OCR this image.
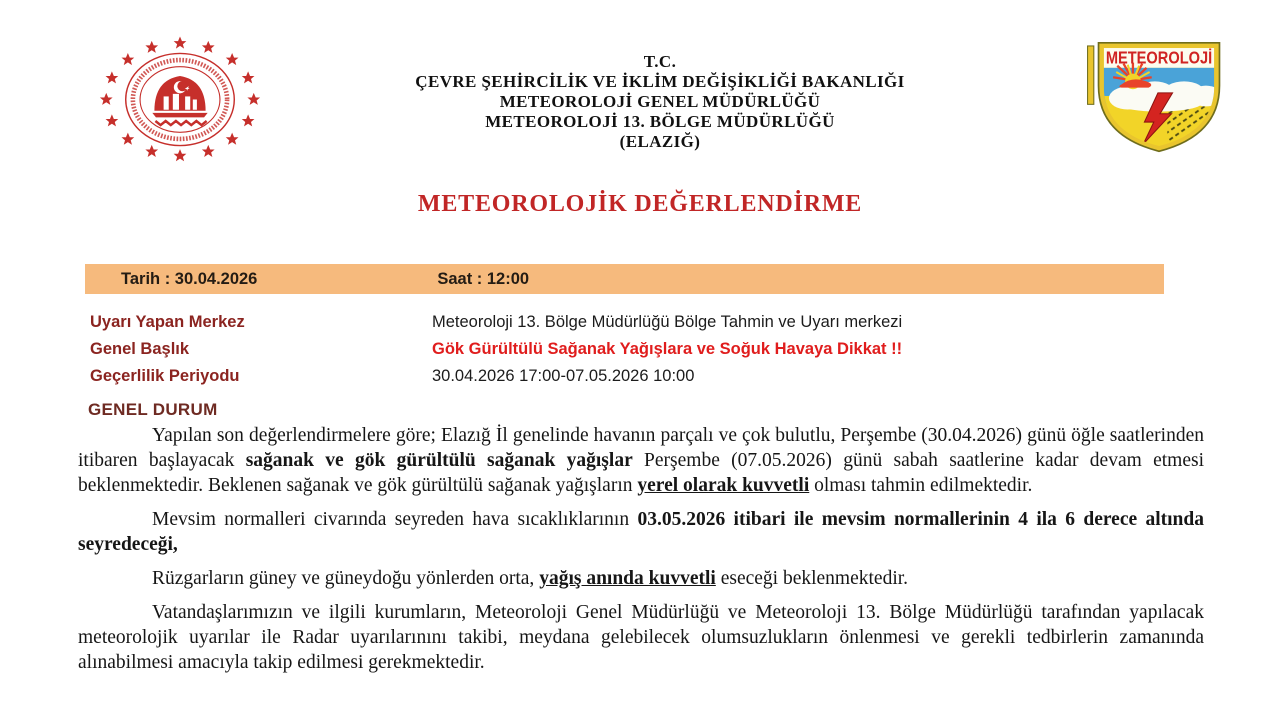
T.C.
ÇEVRE ŞEHİRCİLİK VE İKLİM DEĞİŞİKLİĞİ BAKANLIĞI
METEOROLOJİ GENEL MÜDÜRLÜĞÜ
METEOROLOJİ 13. BÖLGE MÜDÜRLÜĞÜ
(ELAZIĞ)
METEOROLOJİ
METEOROLOJİK DEĞERLENDİRME
Tarih : 30.04.2026	Saat : 12:00
Uyarı Yapan Merkez	Meteoroloji 13. Bölge Müdürlüğü Bölge Tahmin ve Uyarı merkezi
Genel Başlık	Gök Gürültülü Sağanak Yağışlara ve Soğuk Havaya Dikkat !!
Geçerlilik Periyodu	30.04.2026 17:00-07.05.2026 10:00
GENEL DURUM

Yapılan son değerlendirmelere göre; Elazığ İl genelinde havanın parçalı ve çok bulutlu, Perşembe (30.04.2026) günü öğle saatlerinden itibaren başlayacak sağanak ve gök gürültülü sağanak yağışlar Perşembe (07.05.2026) günü sabah saatlerine kadar devam etmesi beklenmektedir. Beklenen sağanak ve gök gürültülü sağanak yağışların yerel olarak kuvvetli olması tahmin edilmektedir.

Mevsim normalleri civarında seyreden hava sıcaklıklarının 03.05.2026 itibari ile mevsim normallerinin 4 ila 6 derece altında seyredeceği,

Rüzgarların güney ve güneydoğu yönlerden orta, yağış anında kuvvetli eseceği beklenmektedir.

Vatandaşlarımızın ve ilgili kurumların, Meteoroloji Genel Müdürlüğü ve Meteoroloji 13. Bölge Müdürlüğü tarafından yapılacak meteorolojik uyarılar ile Radar uyarılarınını takibi, meydana gelebilecek olumsuzlukların önlenmesi ve gerekli tedbirlerin zamanında alınabilmesi amacıyla takip edilmesi gerekmektedir.
